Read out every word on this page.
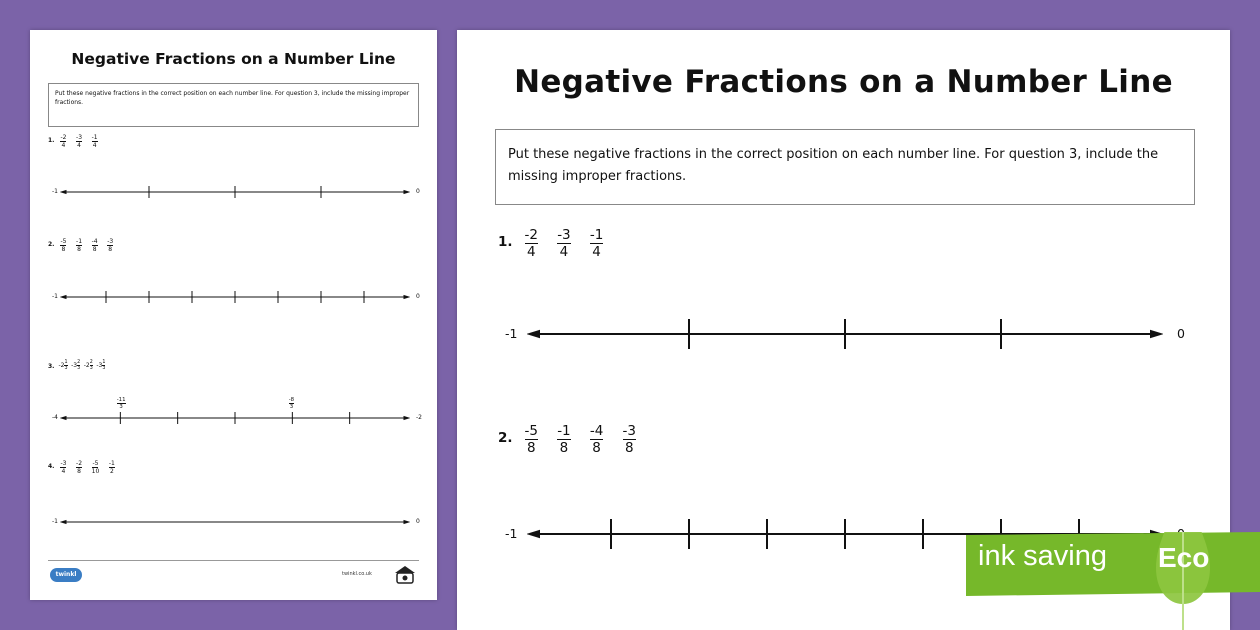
Negative Fractions on a Number Line
Put these negative fractions in the correct position on each number line. For question 3, include the missing improper fractions.
1. $\frac{-2}{4} \frac{-3}{4} \frac{-1}{4}$
-1	0
2. $\frac{-5}{8} \frac{-1}{8} \frac{-4}{8} \frac{-3}{8}$
-1	0
3. $-2 \frac{1}{3} -3 \frac{2}{3} -2 \frac{2}{3} -3 \frac{1}{3}$
-4	-2
$\frac{-11}{3}$	$\frac{-8}{3}$
4. $\frac{-3}{4} \frac{-2}{8} \frac{-5}{10} \frac{-1}{2}$
-1	0
twinkl	twinkl.co.uk
Negative Fractions on a Number Line
Put these negative fractions in the correct position on each number line. For question 3, include the missing improper fractions.
1. $\frac{-2}{4} \frac{-3}{4} \frac{-1}{4}$
-1	0
2. $\frac{-5}{8} \frac{-1}{8} \frac{-4}{8} \frac{-3}{8}$
-1
ink saving Eco
